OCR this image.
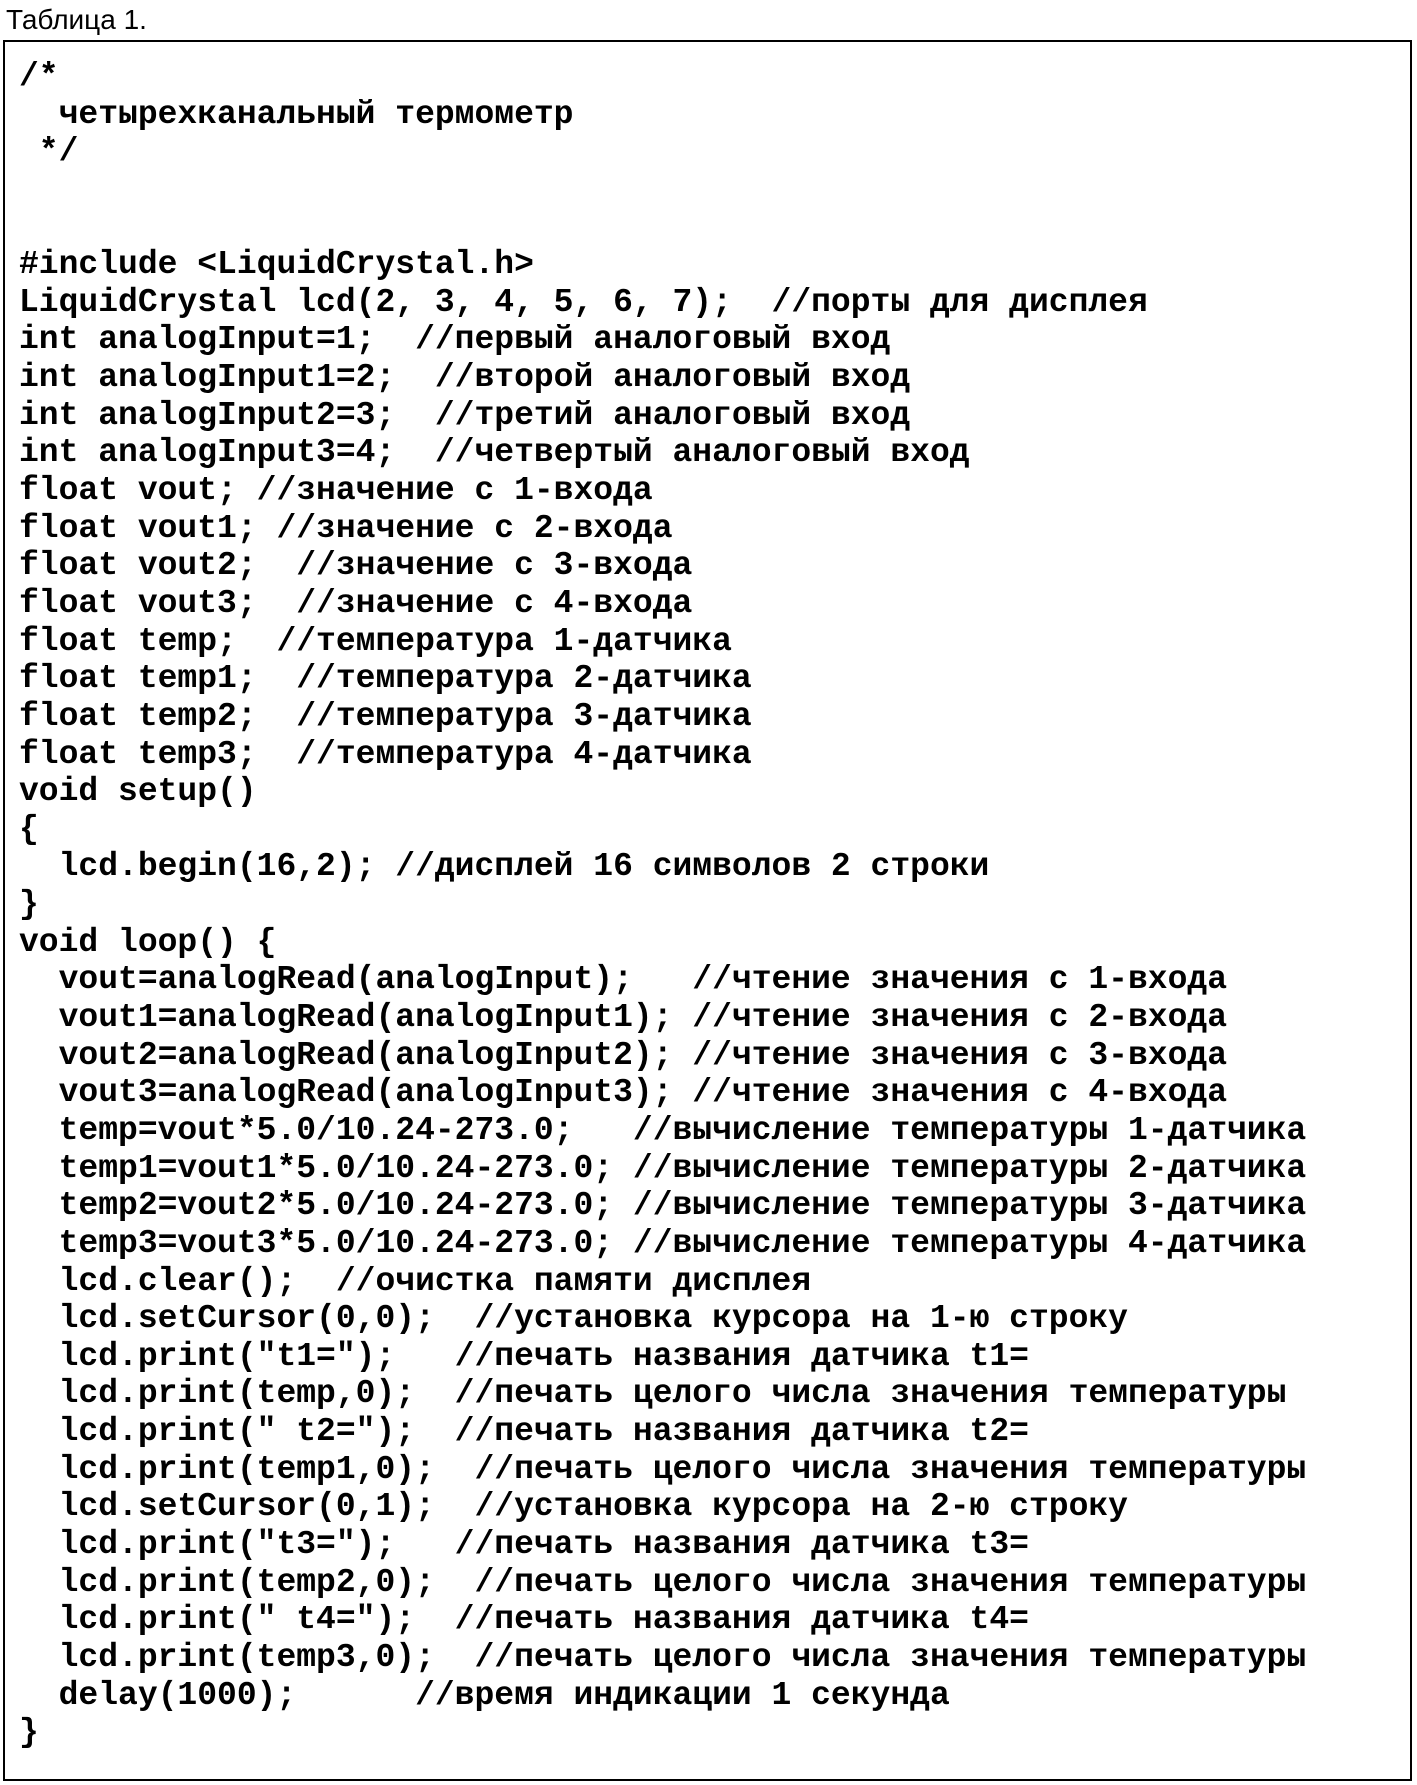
Таблица 1.
/*
четырехканальный термометр
*/
#include <LiquidCrystal.h>
LiquidCrystal lcd(2, 3, 4, 5, 6, 7);  //порты для дисплея
int analogInput=1;  //первый аналоговый вход
int analogInput1=2;  //второй аналоговый вход
int analogInput2=3;  //третий аналоговый вход
int analogInput3=4;  //четвертый аналоговый вход
float vout; //значение с 1-входа
float vout1; //значение с 2-входа
float vout2;  //значение с 3-входа
float vout3;  //значение с 4-входа
float temp;  //температура 1-датчика
float temp1;  //температура 2-датчика
float temp2;  //температура 3-датчика
float temp3;  //температура 4-датчика
void setup()
{
lcd.begin(16,2); //дисплей 16 символов 2 строки
}
void loop() {
vout=analogRead(analogInput);   //чтение значения с 1-входа
vout1=analogRead(analogInput1); //чтение значения с 2-входа
vout2=analogRead(analogInput2); //чтение значения с 3-входа
vout3=analogRead(analogInput3); //чтение значения с 4-входа
temp=vout*5.0/10.24-273.0;   //вычисление температуры 1-датчика
temp1=vout1*5.0/10.24-273.0; //вычисление температуры 2-датчика
temp2=vout2*5.0/10.24-273.0; //вычисление температуры 3-датчика
temp3=vout3*5.0/10.24-273.0; //вычисление температуры 4-датчика
lcd.clear();  //очистка памяти дисплея
lcd.setCursor(0,0);  //установка курсора на 1-ю строку
lcd.print("t1=");   //печать названия датчика t1=
lcd.print(temp,0);  //печать целого числа значения температуры
lcd.print(" t2=");  //печать названия датчика t2=
lcd.print(temp1,0);  //печать целого числа значения температуры
lcd.setCursor(0,1);  //установка курсора на 2-ю строку
lcd.print("t3=");   //печать названия датчика t3=
lcd.print(temp2,0);  //печать целого числа значения температуры
lcd.print(" t4=");  //печать названия датчика t4=
lcd.print(temp3,0);  //печать целого числа значения температуры
delay(1000);      //время индикации 1 секунда
}
